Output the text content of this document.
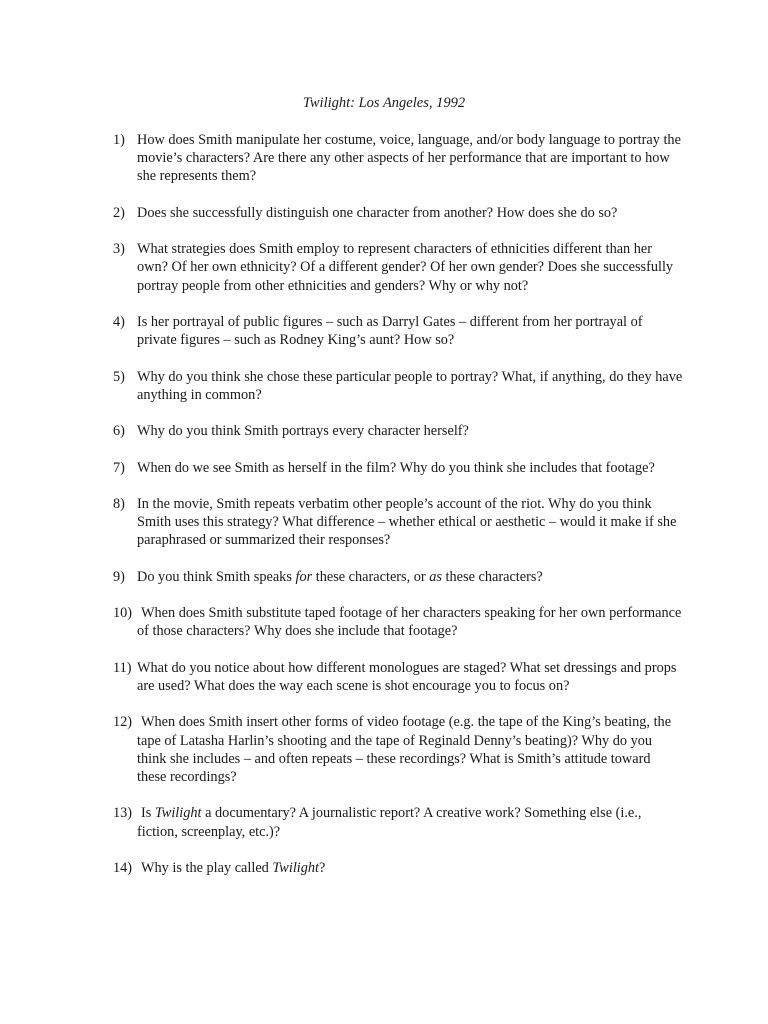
Twilight: Los Angeles, 1992
1) How does Smith manipulate her costume, voice, language, and/or body language to portray the movie’s characters? Are there any other aspects of her performance that are important to how she represents them?
2) Does she successfully distinguish one character from another? How does she do so?
3) What strategies does Smith employ to represent characters of ethnicities different than her own? Of her own ethnicity? Of a different gender? Of her own gender? Does she successfully portray people from other ethnicities and genders? Why or why not?
4) Is her portrayal of public figures – such as Darryl Gates – different from her portrayal of private figures – such as Rodney King’s aunt? How so?
5) Why do you think she chose these particular people to portray? What, if anything, do they have anything in common?
6) Why do you think Smith portrays every character herself?
7) When do we see Smith as herself in the film? Why do you think she includes that footage?
8) In the movie, Smith repeats verbatim other people’s account of the riot. Why do you think Smith uses this strategy? What difference – whether ethical or aesthetic – would it make if she paraphrased or summarized their responses?
9) Do you think Smith speaks for these characters, or as these characters?
10) When does Smith substitute taped footage of her characters speaking for her own performance of those characters? Why does she include that footage?
11) What do you notice about how different monologues are staged? What set dressings and props are used? What does the way each scene is shot encourage you to focus on?
12) When does Smith insert other forms of video footage (e.g. the tape of the King’s beating, the tape of Latasha Harlin’s shooting and the tape of Reginald Denny’s beating)? Why do you think she includes – and often repeats – these recordings? What is Smith’s attitude toward these recordings?
13) Is Twilight a documentary? A journalistic report? A creative work? Something else (i.e., fiction, screenplay, etc.)?
14) Why is the play called Twilight?
